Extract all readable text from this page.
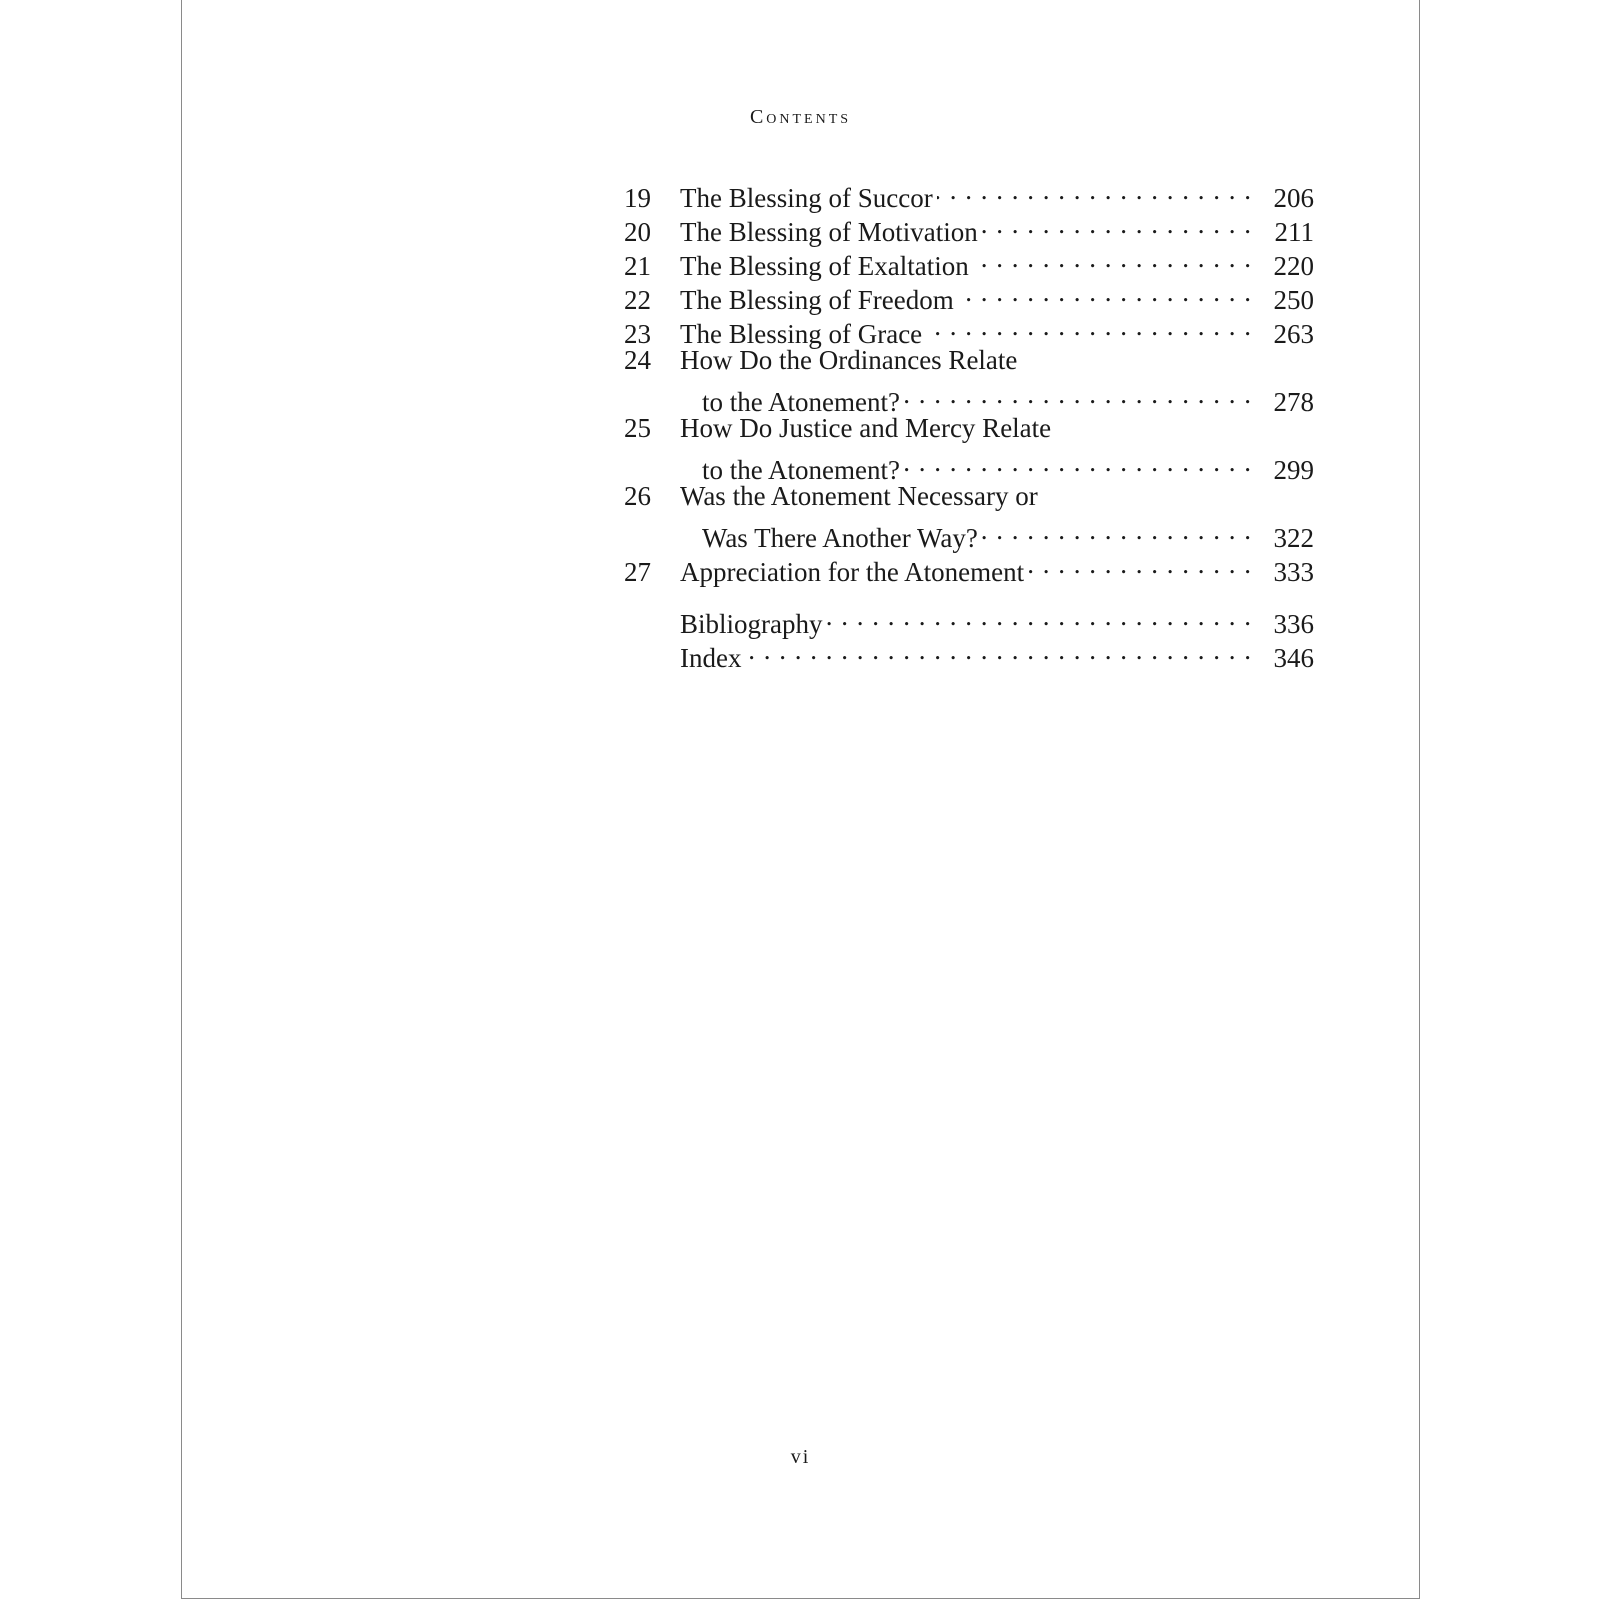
Contents
19	The Blessing of Succor . . .	206
20	The Blessing of Motivation . . .	211
21	The Blessing of Exaltation . . .	220
22	The Blessing of Freedom . . .	250
23	The Blessing of Grace . . .	263
24	How Do the Ordinances Relate
to the Atonement? . . .	278
25	How Do Justice and Mercy Relate
to the Atonement? . . .	299
26	Was the Atonement Necessary or
Was There Another Way? . . .	322
27	Appreciation for the Atonement . . .	333
Bibliography . . .	336
Index . . .	346
vi
